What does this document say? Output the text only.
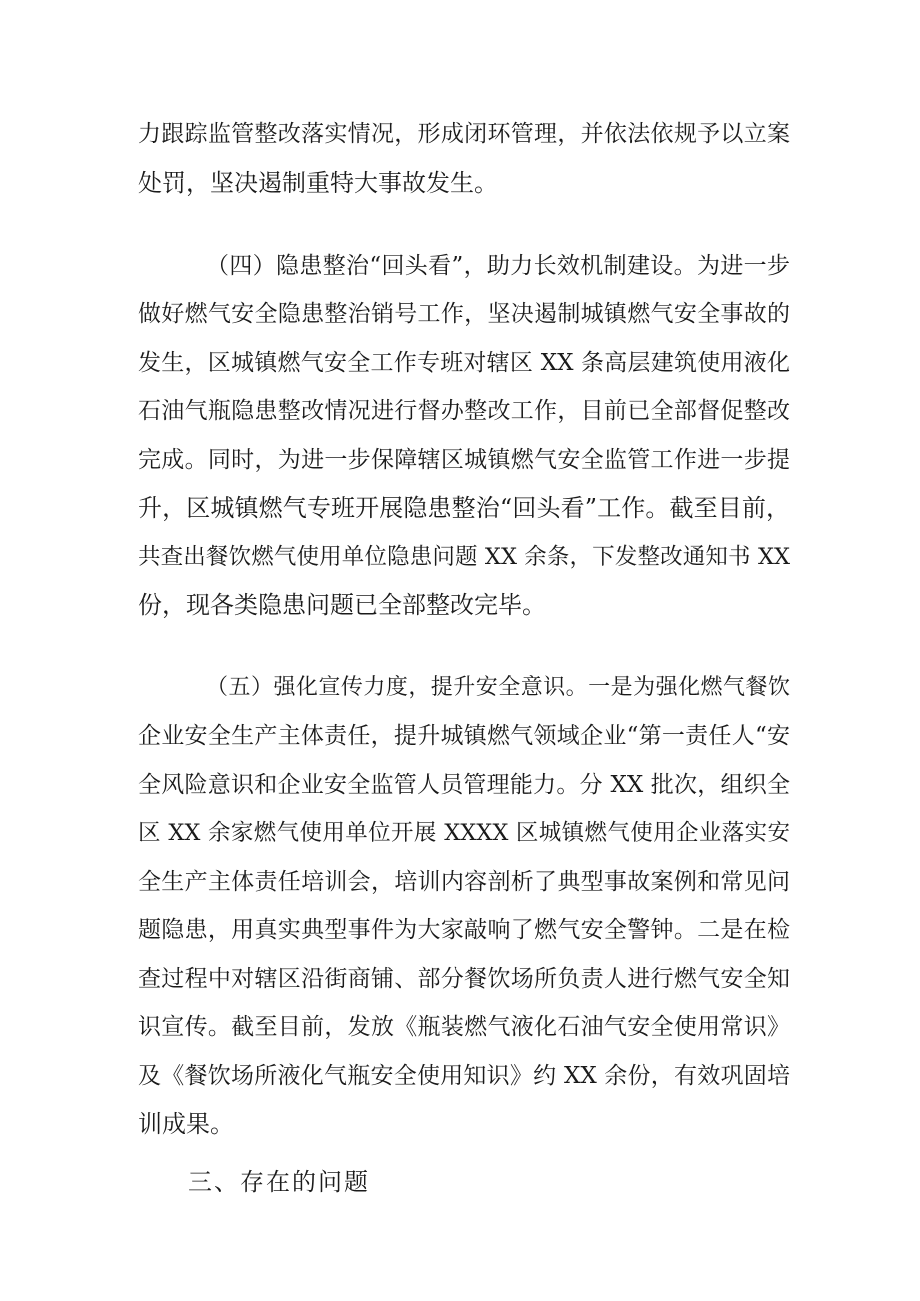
力跟踪监管整改落实情况，形成闭环管理，并依法依规予以立案
处罚，坚决遏制重特大事故发生。
（四）隐患整治“回头看”，助力长效机制建设。为进一步
做好燃气安全隐患整治销号工作，坚决遏制城镇燃气安全事故的
发生，区城镇燃气安全工作专班对辖区 XX 条高层建筑使用液化
石油气瓶隐患整改情况进行督办整改工作，目前已全部督促整改
完成。同时，为进一步保障辖区城镇燃气安全监管工作进一步提
升，区城镇燃气专班开展隐患整治“回头看”工作。截至目前，
共查出餐饮燃气使用单位隐患问题 XX 余条，下发整改通知书 XX
份，现各类隐患问题已全部整改完毕。
（五）强化宣传力度，提升安全意识。一是为强化燃气餐饮
企业安全生产主体责任，提升城镇燃气领域企业“第一责任人“安
全风险意识和企业安全监管人员管理能力。分 XX 批次，组织全
区 XX 余家燃气使用单位开展 XXXX 区城镇燃气使用企业落实安
全生产主体责任培训会，培训内容剖析了典型事故案例和常见问
题隐患，用真实典型事件为大家敲响了燃气安全警钟。二是在检
查过程中对辖区沿街商铺、部分餐饮场所负责人进行燃气安全知
识宣传。截至目前，发放《瓶装燃气液化石油气安全使用常识》
及《餐饮场所液化气瓶安全使用知识》约 XX 余份，有效巩固培
训成果。
三、存在的问题
